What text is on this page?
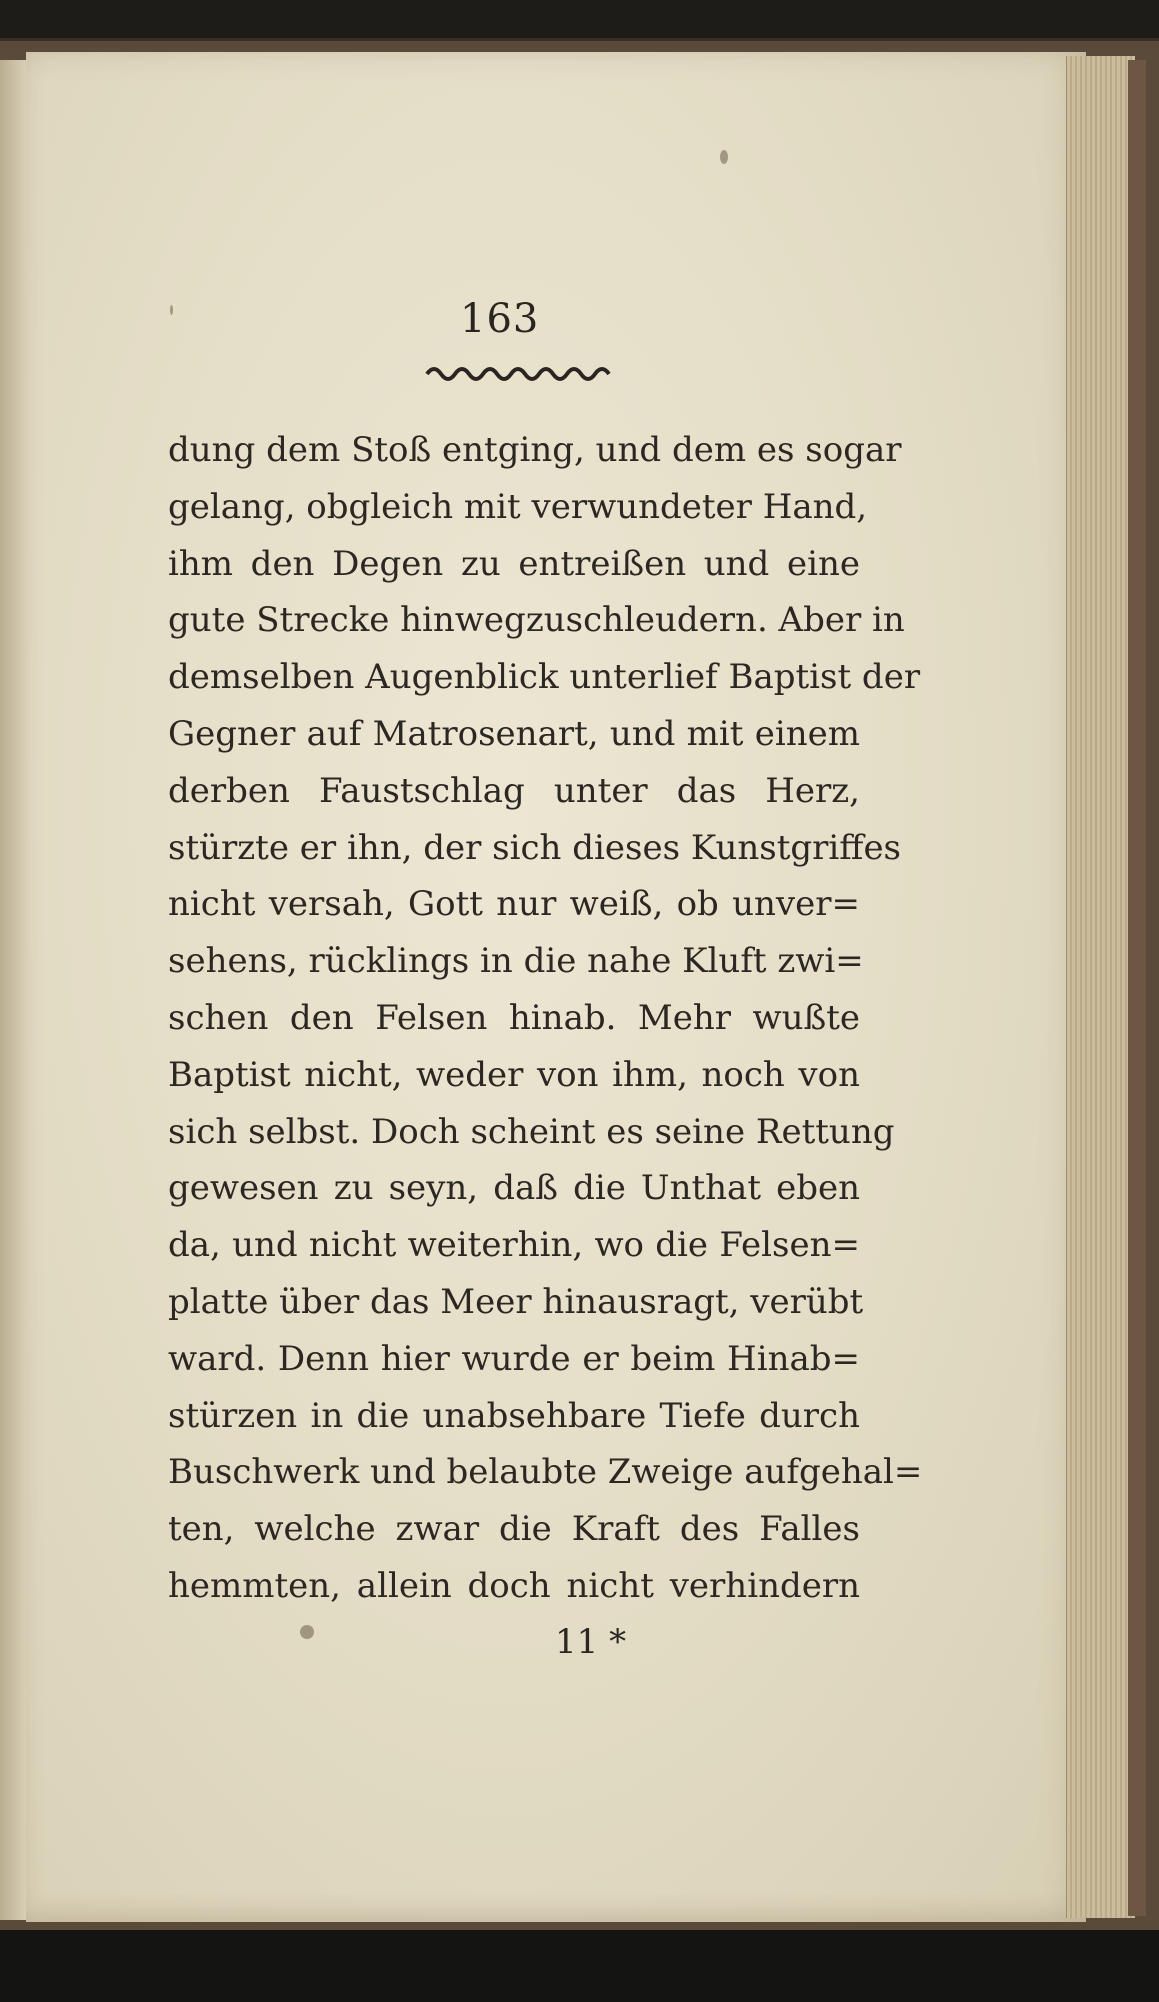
163
dung dem Stoß entging, und dem es sogar
gelang, obgleich mit verwundeter Hand,
ihm den Degen zu entreißen und eine
gute Strecke hinwegzuschleudern. Aber in
demselben Augenblick unterlief Baptist der
Gegner auf Matrosenart, und mit einem
derben Faustschlag unter das Herz,
stürzte er ihn, der sich dieses Kunstgriffes
nicht versah, Gott nur weiß, ob unver=
sehens, rücklings in die nahe Kluft zwi=
schen den Felsen hinab. Mehr wußte
Baptist nicht, weder von ihm, noch von
sich selbst. Doch scheint es seine Rettung
gewesen zu seyn, daß die Unthat eben
da, und nicht weiterhin, wo die Felsen=
platte über das Meer hinausragt, verübt
ward. Denn hier wurde er beim Hinab=
stürzen in die unabsehbare Tiefe durch
Buschwerk und belaubte Zweige aufgehal=
ten, welche zwar die Kraft des Falles
hemmten, allein doch nicht verhindern
11 *
